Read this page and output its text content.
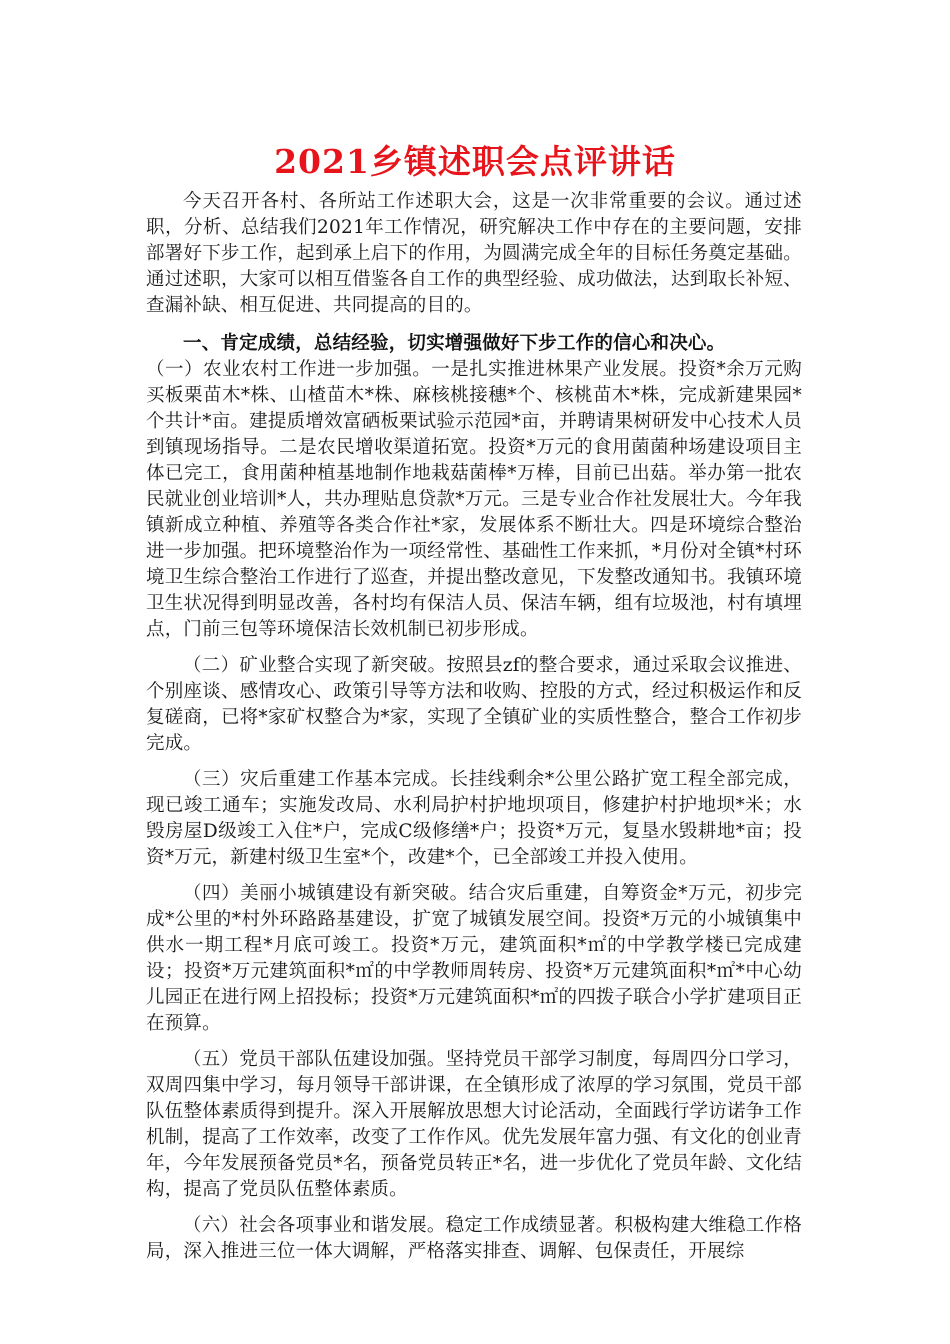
2021乡镇述职会点评讲话

今天召开各村、各所站工作述职大会，这是一次非常重要的会议。通过述职，分析、总结我们2021年工作情况，研究解决工作中存在的主要问题，安排部署好下步工作，起到承上启下的作用，为圆满完成全年的目标任务奠定基础。通过述职，大家可以相互借鉴各自工作的典型经验、成功做法，达到取长补短、查漏补缺、相互促进、共同提高的目的。

一、肯定成绩，总结经验，切实增强做好下步工作的信心和决心。

（一）农业农村工作进一步加强。一是扎实推进林果产业发展。投资*余万元购买板栗苗木*株、山楂苗木*株、麻核桃接穗*个、核桃苗木*株，完成新建果园*个共计*亩。建提质增效富硒板栗试验示范园*亩，并聘请果树研发中心技术人员到镇现场指导。二是农民增收渠道拓宽。投资*万元的食用菌菌种场建设项目主体已完工，食用菌种植基地制作地栽菇菌棒*万棒，目前已出菇。举办第一批农民就业创业培训*人，共办理贴息贷款*万元。三是专业合作社发展壮大。今年我镇新成立种植、养殖等各类合作社*家，发展体系不断壮大。四是环境综合整治进一步加强。把环境整治作为一项经常性、基础性工作来抓，*月份对全镇*村环境卫生综合整治工作进行了巡查，并提出整改意见，下发整改通知书。我镇环境卫生状况得到明显改善，各村均有保洁人员、保洁车辆，组有垃圾池，村有填埋点，门前三包等环境保洁长效机制已初步形成。

（二）矿业整合实现了新突破。按照县zf的整合要求，通过采取会议推进、个别座谈、感情攻心、政策引导等方法和收购、控股的方式，经过积极运作和反复磋商，已将*家矿权整合为*家，实现了全镇矿业的实质性整合，整合工作初步完成。

（三）灾后重建工作基本完成。长挂线剩余*公里公路扩宽工程全部完成，现已竣工通车；实施发改局、水利局护村护地坝项目，修建护村护地坝*米；水毁房屋D级竣工入住*户，完成C级修缮*户；投资*万元，复垦水毁耕地*亩；投资*万元，新建村级卫生室*个，改建*个，已全部竣工并投入使用。

（四）美丽小城镇建设有新突破。结合灾后重建，自筹资金*万元，初步完成*公里的*村外环路路基建设，扩宽了城镇发展空间。投资*万元的小城镇集中供水一期工程*月底可竣工。投资*万元，建筑面积*㎡的中学教学楼已完成建设；投资*万元建筑面积*㎡的中学教师周转房、投资*万元建筑面积*㎡*中心幼儿园正在进行网上招投标；投资*万元建筑面积*㎡的四拨子联合小学扩建项目正在预算。

（五）党员干部队伍建设加强。坚持党员干部学习制度，每周四分口学习，双周四集中学习，每月领导干部讲课，在全镇形成了浓厚的学习氛围，党员干部队伍整体素质得到提升。深入开展解放思想大讨论活动，全面践行学访诺争工作机制，提高了工作效率，改变了工作作风。优先发展年富力强、有文化的创业青年，今年发展预备党员*名，预备党员转正*名，进一步优化了党员年龄、文化结构，提高了党员队伍整体素质。

（六）社会各项事业和谐发展。稳定工作成绩显著。积极构建大维稳工作格局，深入推进三位一体大调解，严格落实排查、调解、包保责任，开展综
